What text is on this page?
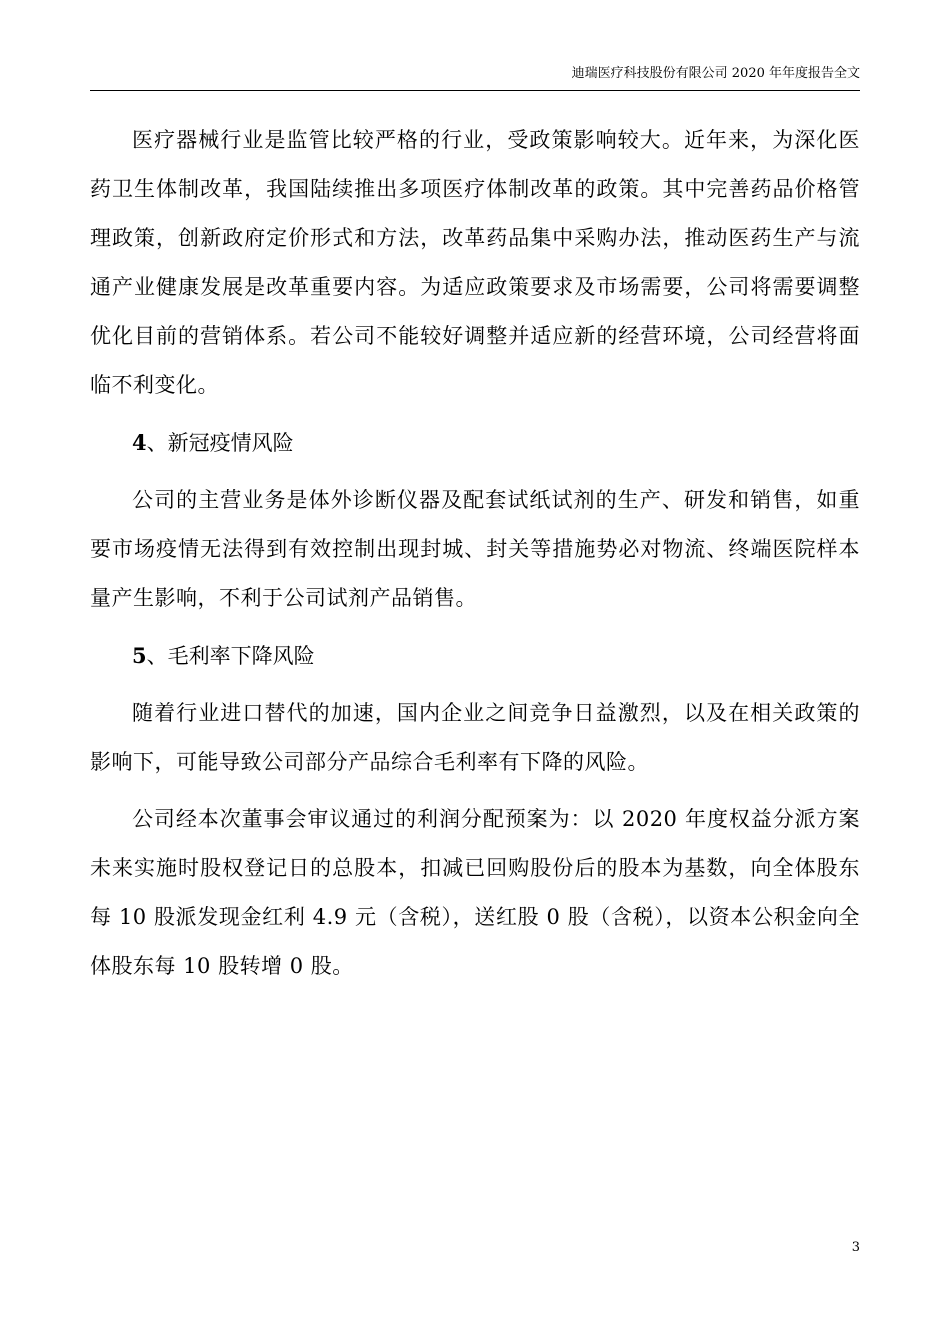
迪瑞医疗科技股份有限公司 2020 年年度报告全文

医疗器械行业是监管比较严格的行业，受政策影响较大。近年来，为深化医药卫生体制改革，我国陆续推出多项医疗体制改革的政策。其中完善药品价格管理政策，创新政府定价形式和方法，改革药品集中采购办法，推动医药生产与流通产业健康发展是改革重要内容。为适应政策要求及市场需要，公司将需要调整优化目前的营销体系。若公司不能较好调整并适应新的经营环境，公司经营将面临不利变化。

4、新冠疫情风险

公司的主营业务是体外诊断仪器及配套试纸试剂的生产、研发和销售，如重要市场疫情无法得到有效控制出现封城、封关等措施势必对物流、终端医院样本量产生影响，不利于公司试剂产品销售。

5、毛利率下降风险

随着行业进口替代的加速，国内企业之间竞争日益激烈，以及在相关政策的影响下，可能导致公司部分产品综合毛利率有下降的风险。

公司经本次董事会审议通过的利润分配预案为：以 2020 年度权益分派方案未来实施时股权登记日的总股本，扣减已回购股份后的股本为基数，向全体股东每 10 股派发现金红利 4.9 元（含税），送红股 0 股（含税），以资本公积金向全体股东每 10 股转增 0 股。

3
